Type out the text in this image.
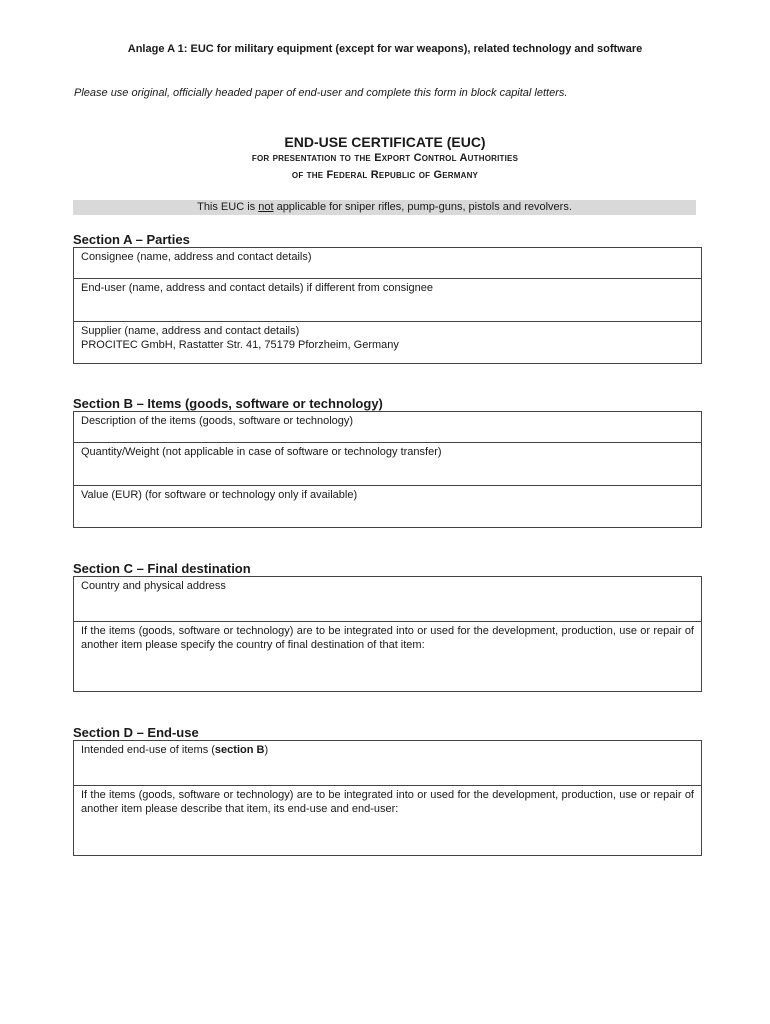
Anlage A 1: EUC for military equipment (except for war weapons), related technology and software
Please use original, officially headed paper of end-user and complete this form in block capital letters.
END-USE CERTIFICATE (EUC)
for presentation to the Export Control Authorities
of the Federal Republic of Germany
This EUC is not applicable for sniper rifles, pump-guns, pistols and revolvers.
Section A – Parties
Consignee (name, address and contact details)
End-user (name, address and contact details) if different from consignee
Supplier (name, address and contact details)
PROCITEC GmbH, Rastatter Str. 41, 75179 Pforzheim, Germany
Section B – Items (goods, software or technology)
Description of the items (goods, software or technology)
Quantity/Weight (not applicable in case of software or technology transfer)
Value (EUR) (for software or technology only if available)
Section C – Final destination
Country and physical address
If the items (goods, software or technology) are to be integrated into or used for the development, production, use or repair of another item please specify the country of final destination of that item:
Section D – End-use
Intended end-use of items (section B)
If the items (goods, software or technology) are to be integrated into or used for the development, production, use or repair of another item please describe that item, its end-use and end-user:
